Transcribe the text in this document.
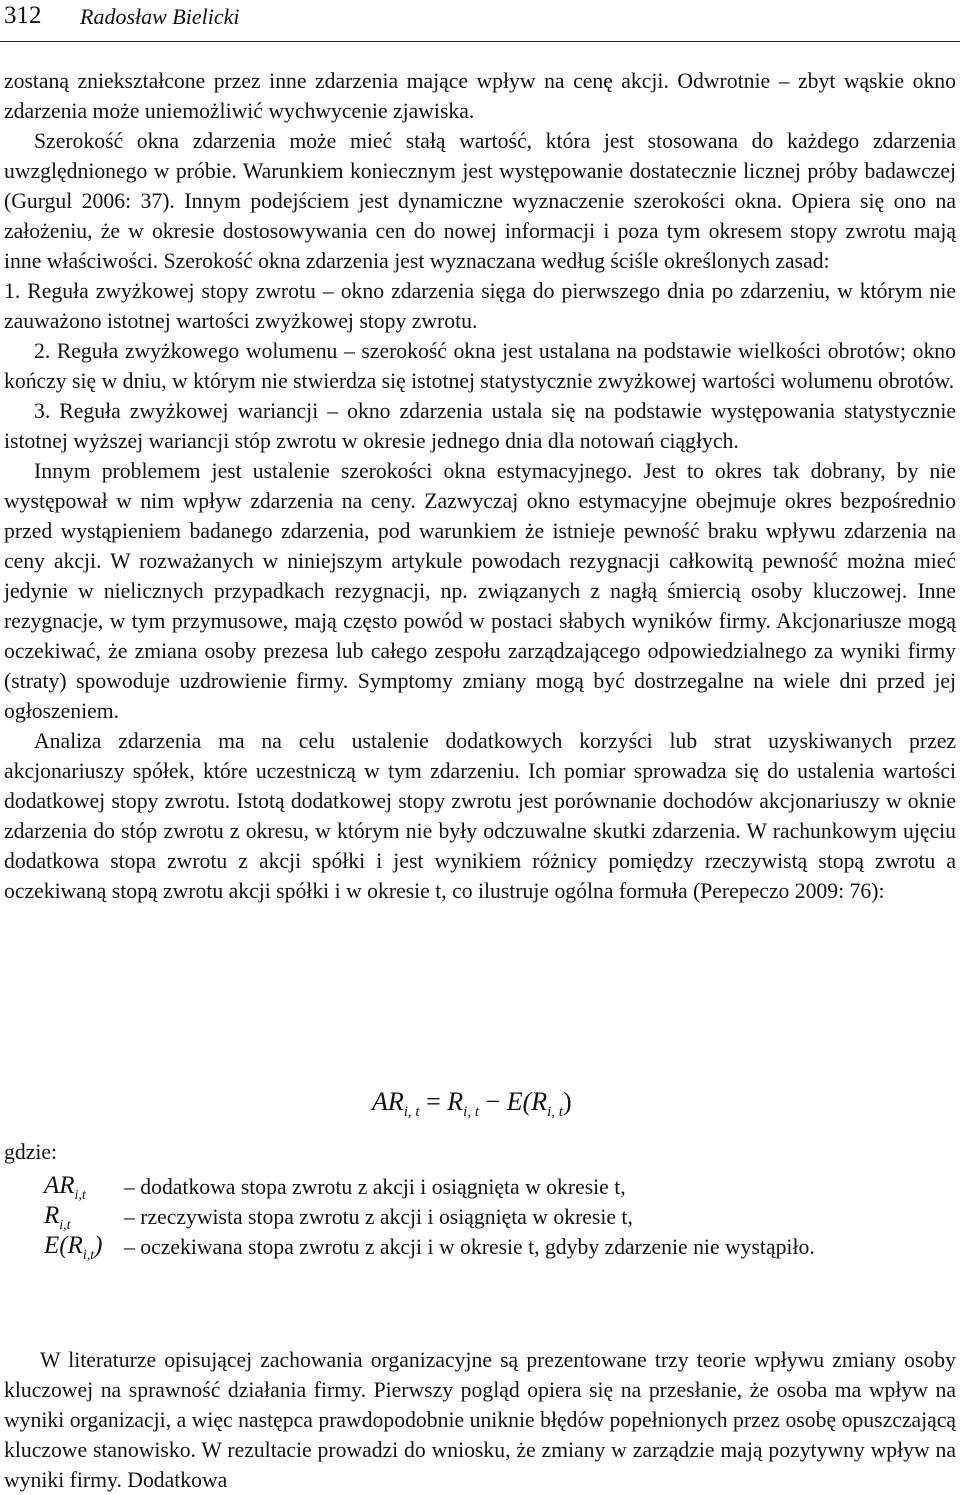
312 Radosław Bielicki

zostaną zniekształcone przez inne zdarzenia mające wpływ na cenę akcji. Odwrotnie – zbyt wąskie okno zdarzenia może uniemożliwić wychwycenie zjawiska.

Szerokość okna zdarzenia może mieć stałą wartość, która jest stosowana do każdego zdarzenia uwzględnionego w próbie. Warunkiem koniecznym jest występowanie dostatecznie licznej próby badawczej (Gurgul 2006: 37). Innym podejściem jest dynamiczne wyznaczenie szerokości okna. Opiera się ono na założeniu, że w okresie dostosowywania cen do nowej informacji i poza tym okresem stopy zwrotu mają inne właściwości. Szerokość okna zdarzenia jest wyznaczana według ściśle określonych zasad:

1. Reguła zwyżkowej stopy zwrotu – okno zdarzenia sięga do pierwszego dnia po zdarzeniu, w którym nie zauważono istotnej wartości zwyżkowej stopy zwrotu.

2. Reguła zwyżkowego wolumenu – szerokość okna jest ustalana na podstawie wielkości obrotów; okno kończy się w dniu, w którym nie stwierdza się istotnej statystycznie zwyżkowej wartości wolumenu obrotów.

3. Reguła zwyżkowej wariancji – okno zdarzenia ustala się na podstawie występowania statystycznie istotnej wyższej wariancji stóp zwrotu w okresie jednego dnia dla notowań ciągłych.

Innym problemem jest ustalenie szerokości okna estymacyjnego. Jest to okres tak dobrany, by nie występował w nim wpływ zdarzenia na ceny. Zazwyczaj okno estymacyjne obejmuje okres bezpośrednio przed wystąpieniem badanego zdarzenia, pod warunkiem że istnieje pewność braku wpływu zdarzenia na ceny akcji. W rozważanych w niniejszym artykule powodach rezygnacji całkowitą pewność można mieć jedynie w nielicznych przypadkach rezygnacji, np. związanych z nagłą śmiercią osoby kluczowej. Inne rezygnacje, w tym przymusowe, mają często powód w postaci słabych wyników firmy. Akcjonariusze mogą oczekiwać, że zmiana osoby prezesa lub całego zespołu zarządzającego odpowiedzialnego za wyniki firmy (straty) spowoduje uzdrowienie firmy. Symptomy zmiany mogą być dostrzegalne na wiele dni przed jej ogłoszeniem.

Analiza zdarzenia ma na celu ustalenie dodatkowych korzyści lub strat uzyskiwanych przez akcjonariuszy spółek, które uczestniczą w tym zdarzeniu. Ich pomiar sprowadza się do ustalenia wartości dodatkowej stopy zwrotu. Istotą dodatkowej stopy zwrotu jest porównanie dochodów akcjonariuszy w oknie zdarzenia do stóp zwrotu z okresu, w którym nie były odczuwalne skutki zdarzenia. W rachunkowym ujęciu dodatkowa stopa zwrotu z akcji spółki i jest wynikiem różnicy pomiędzy rzeczywistą stopą zwrotu a oczekiwaną stopą zwrotu akcji spółki i w okresie t, co ilustruje ogólna formuła (Perepeczo 2009: 76):

$AR_{i, t} = R_{i, t} - E(R_{i, t})$
gdzie:
$AR_{i,t}$ – dodatkowa stopa zwrotu z akcji i osiągnięta w okresie t,
$R_{i,t}$ – rzeczywista stopa zwrotu z akcji i osiągnięta w okresie t,
$E(R_{i,t})$ – oczekiwana stopa zwrotu z akcji i w okresie t, gdyby zdarzenie nie wystąpiło.

W literaturze opisującej zachowania organizacyjne są prezentowane trzy teorie wpływu zmiany osoby kluczowej na sprawność działania firmy. Pierwszy pogląd opiera się na przesłanie, że osoba ma wpływ na wyniki organizacji, a więc następca prawdopodobnie uniknie błędów popełnionych przez osobę opuszczającą kluczowe stanowisko. W rezultacie prowadzi do wniosku, że zmiany w zarządzie mają pozytywny wpływ na wyniki firmy. Dodatkowa
